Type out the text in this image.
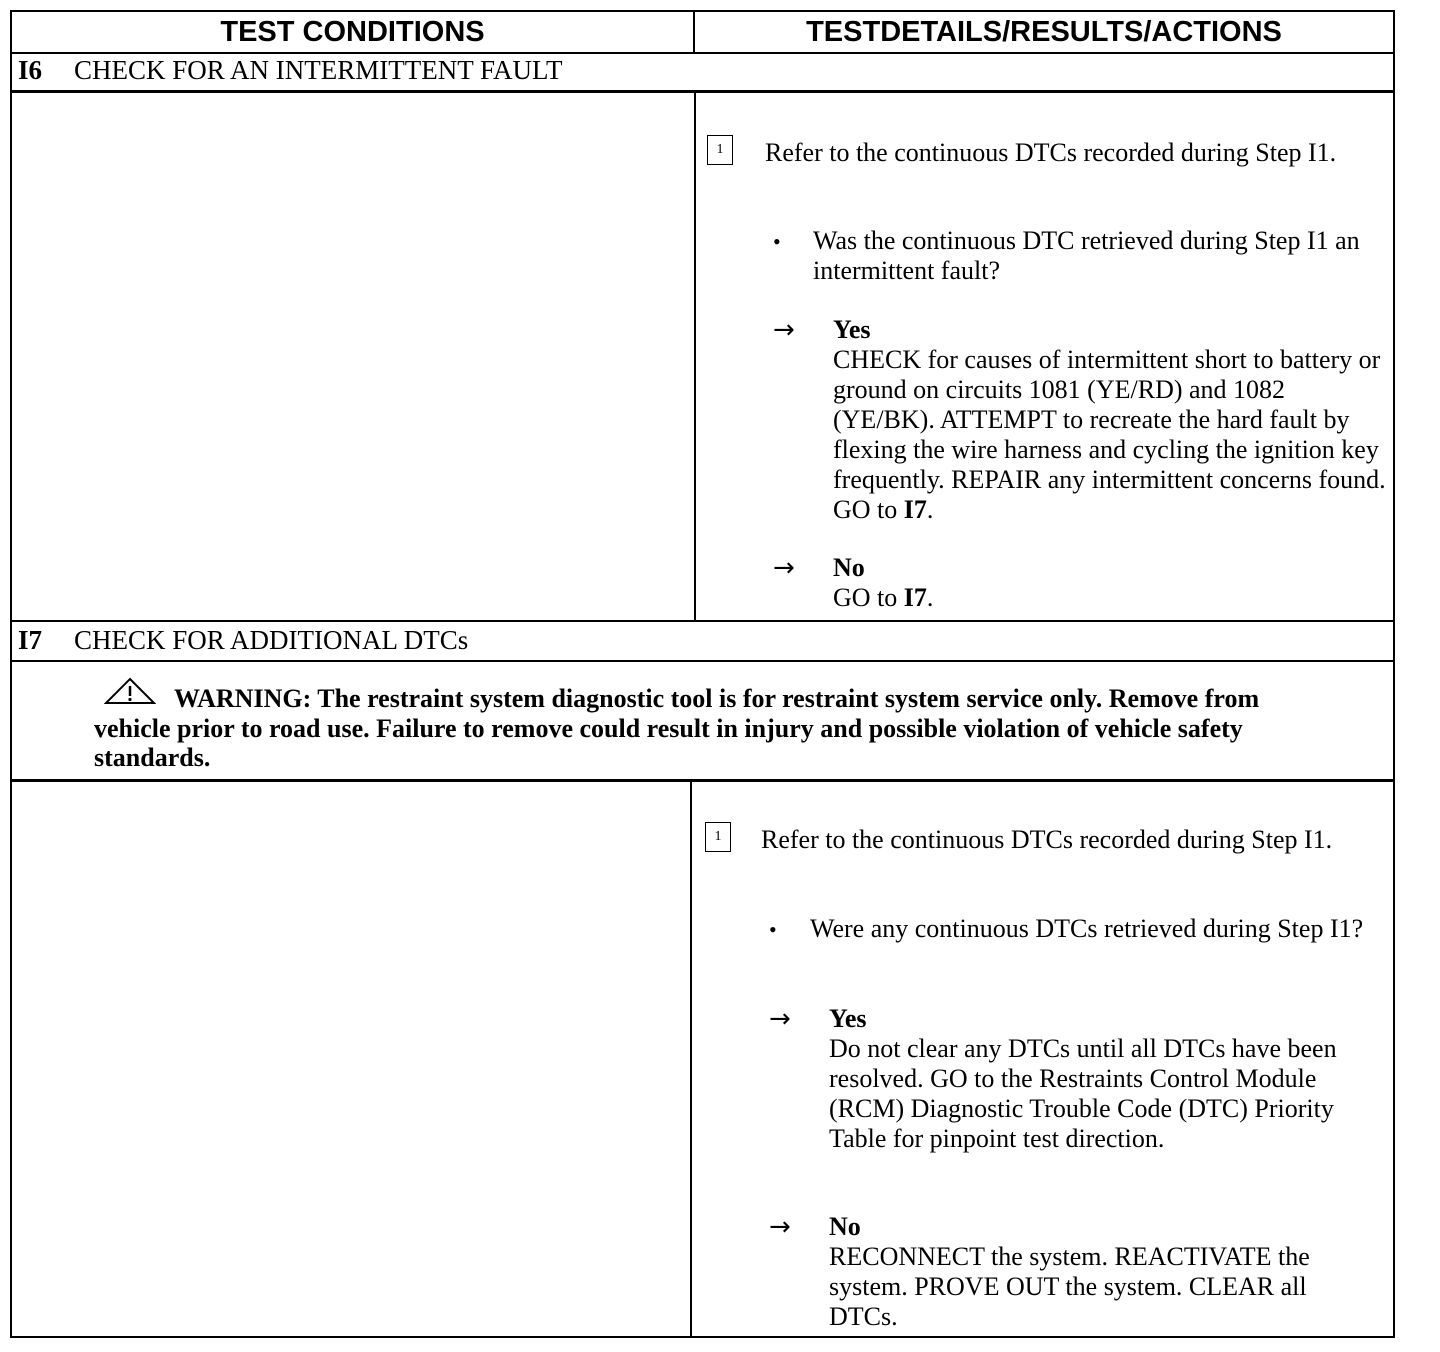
TEST CONDITIONS	TESTDETAILS/RESULTS/ACTIONS
I6 CHECK FOR AN INTERMITTENT FAULT
1	Refer to the continuous DTCs recorded during Step I1.
• Was the continuous DTC retrieved during Step I1 an intermittent fault?
→ Yes
CHECK for causes of intermittent short to battery or ground on circuits 1081 (YE/RD) and 1082 (YE/BK). ATTEMPT to recreate the hard fault by flexing the wire harness and cycling the ignition key frequently. REPAIR any intermittent concerns found. GO to I7.
→ No
GO to I7.
I7 CHECK FOR ADDITIONAL DTCs
WARNING: The restraint system diagnostic tool is for restraint system service only. Remove from vehicle prior to road use. Failure to remove could result in injury and possible violation of vehicle safety standards.
1	Refer to the continuous DTCs recorded during Step I1.
• Were any continuous DTCs retrieved during Step I1?
→ Yes
Do not clear any DTCs until all DTCs have been resolved. GO to the Restraints Control Module (RCM) Diagnostic Trouble Code (DTC) Priority Table for pinpoint test direction.
→ No
RECONNECT the system. REACTIVATE the system. PROVE OUT the system. CLEAR all DTCs.
